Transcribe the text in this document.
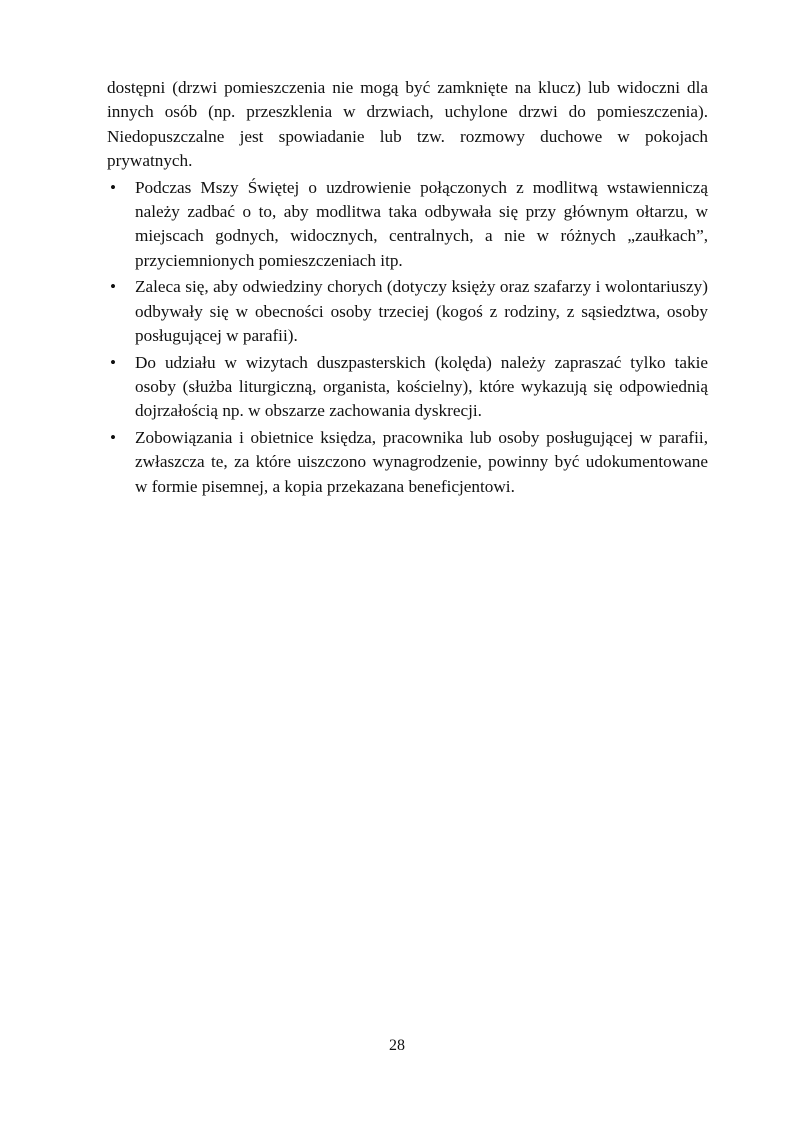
dostępni (drzwi pomieszczenia nie mogą być zamknięte na klucz) lub widoczni dla innych osób (np. przeszklenia w drzwiach, uchylone drzwi do pomieszczenia). Niedopuszczalne jest spowiadanie lub tzw. rozmowy duchowe w pokojach prywatnych.

• Podczas Mszy Świętej o uzdrowienie połączonych z modlitwą wstawienniczą należy zadbać o to, aby modlitwa taka odbywała się przy głównym ołtarzu, w miejscach godnych, widocznych, centralnych, a nie w różnych „zaułkach”, przyciemnionych pomieszczeniach itp.
• Zaleca się, aby odwiedziny chorych (dotyczy księży oraz szafarzy i wolontariuszy) odbywały się w obecności osoby trzeciej (kogoś z rodziny, z sąsiedztwa, osoby posługującej w parafii).
• Do udziału w wizytach duszpasterskich (kolęda) należy zapraszać tylko takie osoby (służba liturgiczną, organista, kościelny), które wykazują się odpowiednią dojrzałością np. w obszarze zachowania dyskrecji.
• Zobowiązania i obietnice księdza, pracownika lub osoby posługującej w parafii, zwłaszcza te, za które uiszczono wynagrodzenie, powinny być udokumentowane w formie pisemnej, a kopia przekazana beneficjentowi.
28
